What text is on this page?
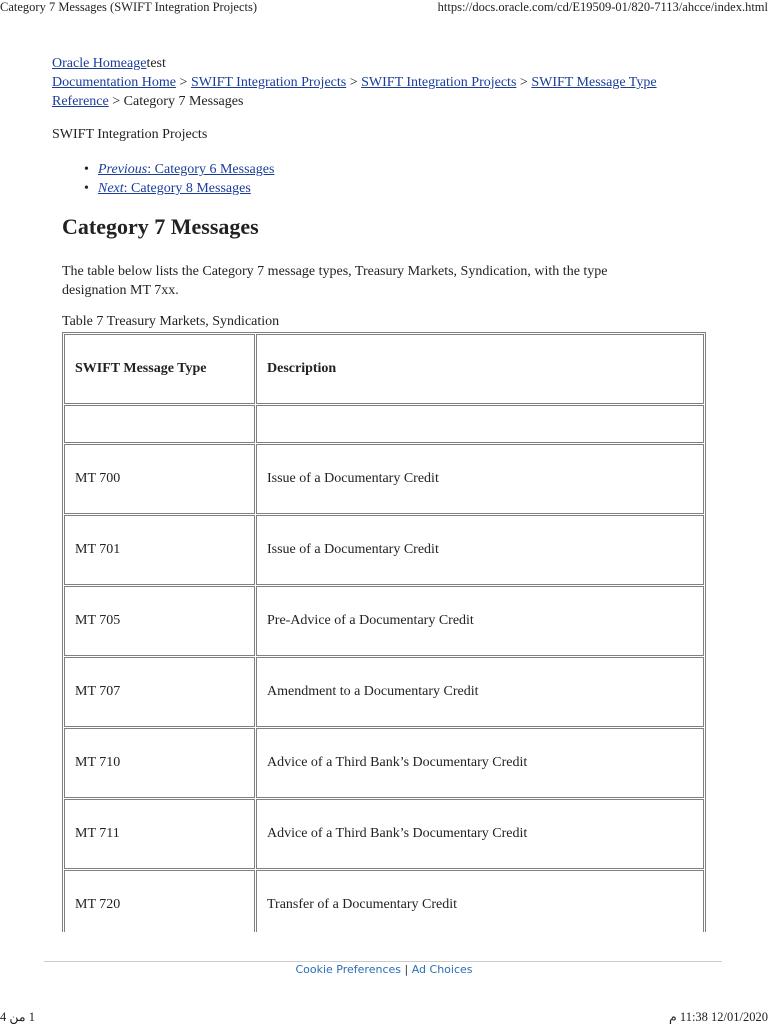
Category 7 Messages (SWIFT Integration Projects)	https://docs.oracle.com/cd/E19509-01/820-7113/ahcce/index.html
Oracle Homeagetest
Documentation Home > SWIFT Integration Projects > SWIFT Integration Projects > SWIFT Message Type Reference > Category 7 Messages
SWIFT Integration Projects
• Previous: Category 6 Messages
• Next: Category 8 Messages
Category 7 Messages
The table below lists the Category 7 message types, Treasury Markets, Syndication, with the type designation MT 7xx.
Table 7 Treasury Markets, Syndication
SWIFT Message Type	Description

MT 700	Issue of a Documentary Credit
MT 701	Issue of a Documentary Credit
MT 705	Pre-Advice of a Documentary Credit
MT 707	Amendment to a Documentary Credit
MT 710	Advice of a Third Bank’s Documentary Credit
MT 711	Advice of a Third Bank’s Documentary Credit
MT 720	Transfer of a Documentary Credit
Cookie Preferences | Ad Choices
1 من 4	12/01/2020 11:38 م
